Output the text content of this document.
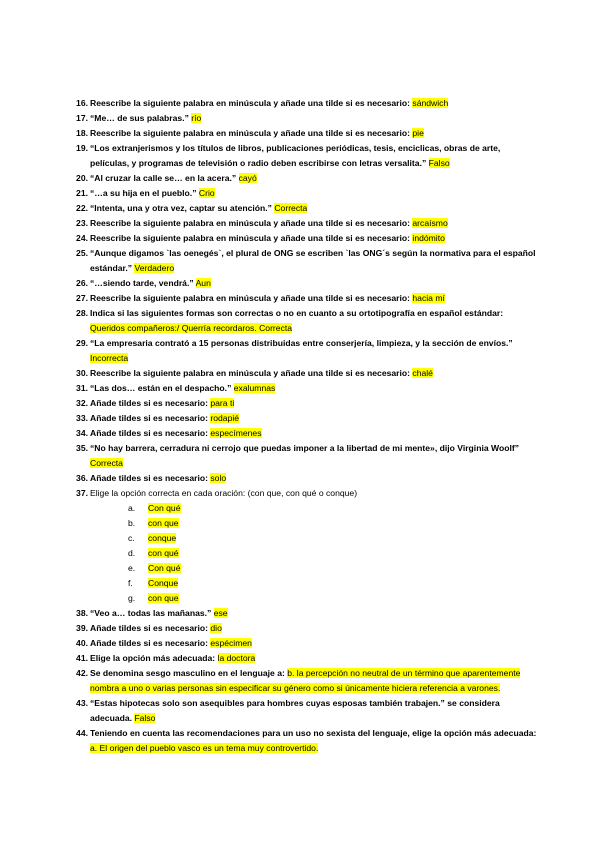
16. Reescribe la siguiente palabra en minúscula y añade una tilde si es necesario: sándwich
17. “Me… de sus palabras.” río
18. Reescribe la siguiente palabra en minúscula y añade una tilde si es necesario: pie
19. “Los extranjerismos y los títulos de libros, publicaciones periódicas, tesis, enciclicas, obras de arte, películas, y programas de televisión o radio deben escribirse con letras versalita.” Falso
20. “Al cruzar la calle se… en la acera.” cayó
21. “…a su hija en el pueblo.” Crio
22. “Intenta, una y otra vez, captar su atención.” Correcta
23. Reescribe la siguiente palabra en minúscula y añade una tilde si es necesario: arcaísmo
24. Reescribe la siguiente palabra en minúscula y añade una tilde si es necesario: indómito
25. “Aunque digamos `las oenegés`, el plural de ONG se escriben `las ONG´s según la normativa para el español estándar.” Verdadero
26. “…siendo tarde, vendrá.” Aun
27. Reescribe la siguiente palabra en minúscula y añade una tilde si es necesario: hacia mí
28. Indica si las siguientes formas son correctas o no en cuanto a su ortotipografía en español estándar: Queridos compañeros:/ Querría recordaros. Correcta
29. “La empresaria contrató a 15 personas distribuidas entre conserjería, limpieza, y la sección de envíos.” Incorrecta
30. Reescribe la siguiente palabra en minúscula y añade una tilde si es necesario: chalé
31. “Las dos… están en el despacho.” exalumnas
32. Añade tildes si es necesario: para ti
33. Añade tildes si es necesario: rodapié
34. Añade tildes si es necesario: especímenes
35. “No hay barrera, cerradura ni cerrojo que puedas imponer a la libertad de mi mente», dijo Virginia Woolf” Correcta
36. Añade tildes si es necesario: solo
37. Elige la opción correcta en cada oración: (con que, con qué o conque)
a. Con qué
b. con que
c. conque
d. con qué
e. Con qué
f. Conque
g. con que
38. “Veo a… todas las mañanas.” ese
39. Añade tildes si es necesario: dio
40. Añade tildes si es necesario: espécimen
41. Elige la opción más adecuada: la doctora
42. Se denomina sesgo masculino en el lenguaje a: b. la percepción no neutral de un término que aparentemente nombra a uno o varias personas sin especificar su género como si únicamente hiciera referencia a varones.
43. “Estas hipotecas solo son asequibles para hombres cuyas esposas también trabajen.” se considera adecuada. Falso
44. Teniendo en cuenta las recomendaciones para un uso no sexista del lenguaje, elige la opción más adecuada: a. El origen del pueblo vasco es un tema muy controvertido.
